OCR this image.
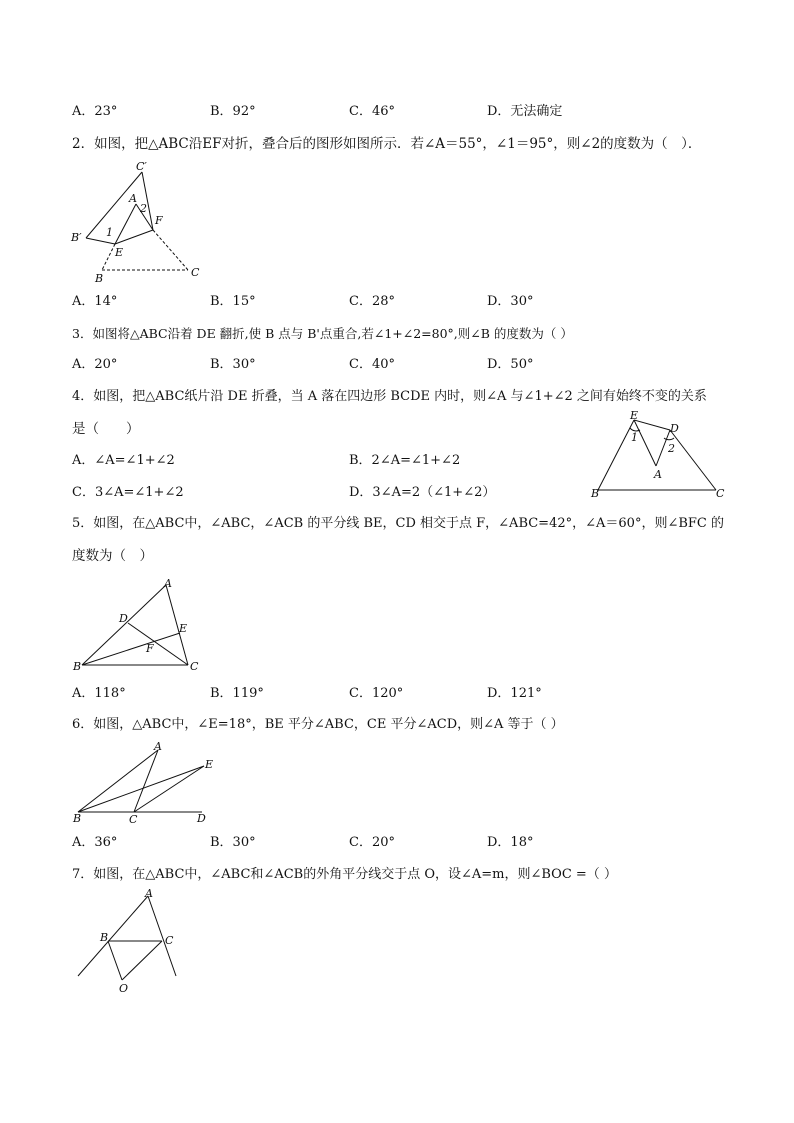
A．23°	B．92°	C．46°	D．无法确定
2．如图，把△ABC沿EF对折，叠合后的图形如图所示．若∠A＝55°，∠1＝95°，则∠2的度数为（　）．
C′
A
2
F
B′ 1
E
B	C
A．14°	B．15°	C．28°	D．30°
3．如图将△ABC沿着 DE 翻折,使 B 点与 B'点重合,若∠1+∠2=80°,则∠B 的度数为（ ）
A．20°	B．30°	C．40°	D．50°
4．如图，把△ABC纸片沿 DE 折叠，当 A 落在四边形 BCDE 内时，则∠A 与∠1+∠2 之间有始终不变的关系
是（　　）
E
D
1
2
A
B	C
A．∠A=∠1+∠2	B．2∠A=∠1+∠2
C．3∠A=∠1+∠2	D．3∠A=2（∠1+∠2）
5．如图，在△ABC中，∠ABC，∠ACB 的平分线 BE，CD 相交于点 F，∠ABC=42°，∠A＝60°，则∠BFC 的
度数为（　）
A
D
E
F
B	C
A．118°	B．119°	C．120°	D．121°
6．如图，△ABC中，∠E=18°，BE 平分∠ABC，CE 平分∠ACD，则∠A 等于（ ）
A
E
B	C	D
A．36°	B．30°	C．20°	D．18°
7．如图，在△ABC中，∠ABC和∠ACB的外角平分线交于点 O，设∠A=m，则∠BOC =（ ）
A
B	C
O
